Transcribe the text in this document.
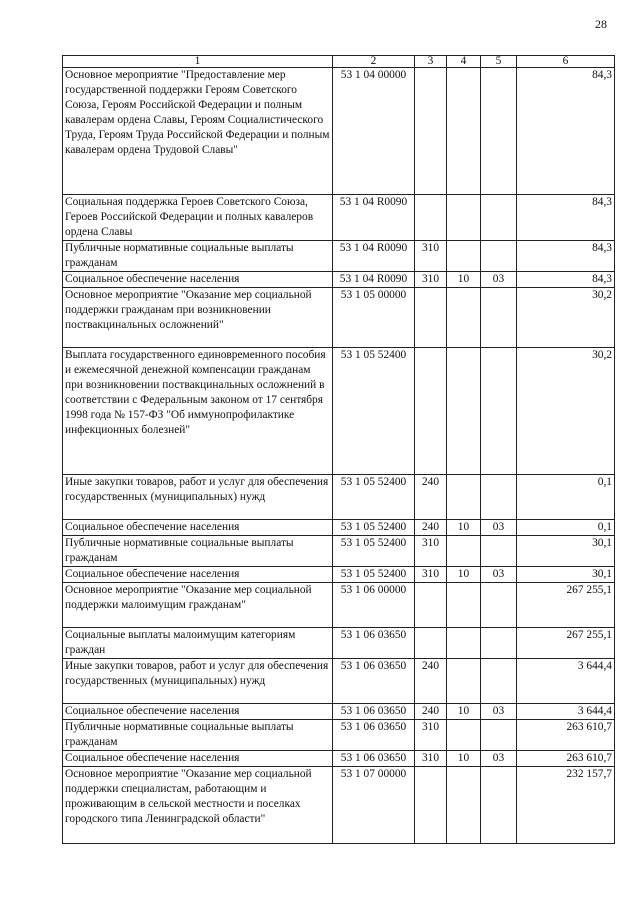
28
1	2	3	4	5	6
Основное мероприятие "Предоставление мер государственной поддержки Героям Советского Союза, Героям Российской Федерации и полным кавалерам ордена Славы, Героям Социалистического Труда, Героям Труда Российской Федерации и полным кавалерам ордена Трудовой Славы"	53 1 04 00000				84,3
Социальная поддержка Героев Советского Союза, Героев Российской Федерации и полных кавалеров ордена Славы	53 1 04 R0090				84,3
Публичные нормативные социальные выплаты гражданам	53 1 04 R0090	310			84,3
Социальное обеспечение населения	53 1 04 R0090	310	10	03	84,3
Основное мероприятие "Оказание мер социальной поддержки гражданам при возникновении поствакцинальных осложнений"	53 1 05 00000				30,2
Выплата государственного единовременного пособия и ежемесячной денежной компенсации гражданам при возникновении поствакцинальных осложнений в соответствии с Федеральным законом от 17 сентября 1998 года № 157-ФЗ "Об иммунопрофилактике инфекционных болезней"	53 1 05 52400				30,2
Иные закупки товаров, работ и услуг для обеспечения государственных (муниципальных) нужд	53 1 05 52400	240			0,1
Социальное обеспечение населения	53 1 05 52400	240	10	03	0,1
Публичные нормативные социальные выплаты гражданам	53 1 05 52400	310			30,1
Социальное обеспечение населения	53 1 05 52400	310	10	03	30,1
Основное мероприятие "Оказание мер социальной поддержки малоимущим гражданам"	53 1 06 00000				267 255,1
Социальные выплаты малоимущим категориям граждан	53 1 06 03650				267 255,1
Иные закупки товаров, работ и услуг для обеспечения государственных (муниципальных) нужд	53 1 06 03650	240			3 644,4
Социальное обеспечение населения	53 1 06 03650	240	10	03	3 644,4
Публичные нормативные социальные выплаты гражданам	53 1 06 03650	310			263 610,7
Социальное обеспечение населения	53 1 06 03650	310	10	03	263 610,7
Основное мероприятие "Оказание мер социальной поддержки специалистам, работающим и проживающим в сельской местности и поселках городского типа Ленинградской области"	53 1 07 00000				232 157,7
